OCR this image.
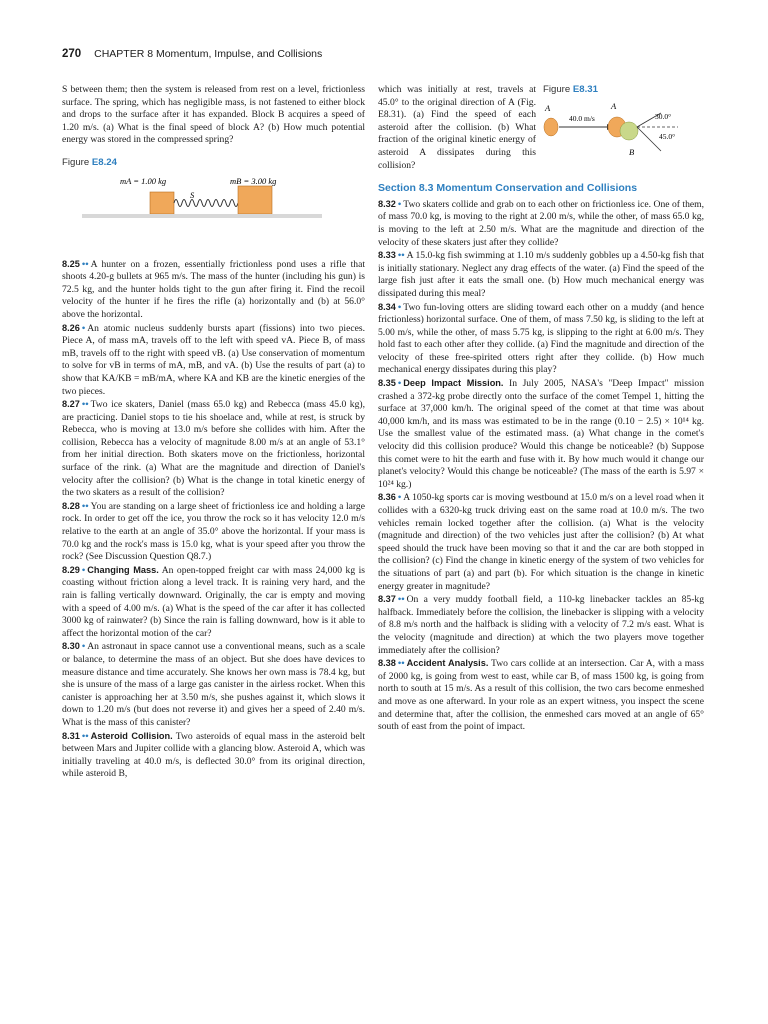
270 CHAPTER 8 Momentum, Impulse, and Collisions

S between them; then the system is released from rest on a level, frictionless surface. The spring, which has negligible mass, is not fastened to either block and drops to the surface after it has expanded. Block B acquires a speed of 1.20 m/s. (a) What is the final speed of block A? (b) How much potential energy was stored in the compressed spring?

Figure E8.24
mA = 1.00 kg	mB = 3.00 kg
S

8.25 •• A hunter on a frozen, essentially frictionless pond uses a rifle that shoots 4.20-g bullets at 965 m/s. The mass of the hunter (including his gun) is 72.5 kg, and the hunter holds tight to the gun after firing it. Find the recoil velocity of the hunter if he fires the rifle (a) horizontally and (b) at 56.0° above the horizontal.

8.26 • An atomic nucleus suddenly bursts apart (fissions) into two pieces. Piece A, of mass mA, travels off to the left with speed vA. Piece B, of mass mB, travels off to the right with speed vB. (a) Use conservation of momentum to solve for vB in terms of mA, mB, and vA. (b) Use the results of part (a) to show that KA/KB = mB/mA, where KA and KB are the kinetic energies of the two pieces.

8.27 •• Two ice skaters, Daniel (mass 65.0 kg) and Rebecca (mass 45.0 kg), are practicing. Daniel stops to tie his shoelace and, while at rest, is struck by Rebecca, who is moving at 13.0 m/s before she collides with him. After the collision, Rebecca has a velocity of magnitude 8.00 m/s at an angle of 53.1° from her initial direction. Both skaters move on the frictionless, horizontal surface of the rink. (a) What are the magnitude and direction of Daniel's velocity after the collision? (b) What is the change in total kinetic energy of the two skaters as a result of the collision?

8.28 •• You are standing on a large sheet of frictionless ice and holding a large rock. In order to get off the ice, you throw the rock so it has velocity 12.0 m/s relative to the earth at an angle of 35.0° above the horizontal. If your mass is 70.0 kg and the rock's mass is 15.0 kg, what is your speed after you throw the rock? (See Discussion Question Q8.7.)

8.29 • Changing Mass. An open-topped freight car with mass 24,000 kg is coasting without friction along a level track. It is raining very hard, and the rain is falling vertically downward. Originally, the car is empty and moving with a speed of 4.00 m/s. (a) What is the speed of the car after it has collected 3000 kg of rainwater? (b) Since the rain is falling downward, how is it able to affect the horizontal motion of the car?

8.30 • An astronaut in space cannot use a conventional means, such as a scale or balance, to determine the mass of an object. But she does have devices to measure distance and time accurately. She knows her own mass is 78.4 kg, but she is unsure of the mass of a large gas canister in the airless rocket. When this canister is approaching her at 3.50 m/s, she pushes against it, which slows it down to 1.20 m/s (but does not reverse it) and gives her a speed of 2.40 m/s. What is the mass of this canister?

8.31 •• Asteroid Collision. Two asteroids of equal mass in the asteroid belt between Mars and Jupiter collide with a glancing blow. Asteroid A, which was initially traveling at 40.0 m/s, is deflected 30.0° from its original direction, while asteroid B,

which was initially at rest, travels at 45.0° to the original direction of A (Fig. E8.31). (a) Find the speed of each asteroid after the collision. (b) What fraction of the original kinetic energy of asteroid A dissipates during this collision?

Section 8.3 Momentum Conservation and Collisions

8.32 • Two skaters collide and grab on to each other on frictionless ice. One of them, of mass 70.0 kg, is moving to the right at 2.00 m/s, while the other, of mass 65.0 kg, is moving to the left at 2.50 m/s. What are the magnitude and direction of the velocity of these skaters just after they collide?

8.33 •• A 15.0-kg fish swimming at 1.10 m/s suddenly gobbles up a 4.50-kg fish that is initially stationary. Neglect any drag effects of the water. (a) Find the speed of the large fish just after it eats the small one. (b) How much mechanical energy was dissipated during this meal?

8.34 • Two fun-loving otters are sliding toward each other on a muddy (and hence frictionless) horizontal surface. One of them, of mass 7.50 kg, is sliding to the left at 5.00 m/s, while the other, of mass 5.75 kg, is slipping to the right at 6.00 m/s. They hold fast to each other after they collide. (a) Find the magnitude and direction of the velocity of these free-spirited otters right after they collide. (b) How much mechanical energy dissipates during this play?

8.35 • Deep Impact Mission. In July 2005, NASA's "Deep Impact" mission crashed a 372-kg probe directly onto the surface of the comet Tempel 1, hitting the surface at 37,000 km/h. The original speed of the comet at that time was about 40,000 km/h, and its mass was estimated to be in the range (0.10 − 2.5) × 10¹⁴ kg. Use the smallest value of the estimated mass. (a) What change in the comet's velocity did this collision produce? Would this change be noticeable? (b) Suppose this comet were to hit the earth and fuse with it. By how much would it change our planet's velocity? Would this change be noticeable? (The mass of the earth is 5.97 × 10²⁴ kg.)

8.36 • A 1050-kg sports car is moving westbound at 15.0 m/s on a level road when it collides with a 6320-kg truck driving east on the same road at 10.0 m/s. The two vehicles remain locked together after the collision. (a) What is the velocity (magnitude and direction) of the two vehicles just after the collision? (b) At what speed should the truck have been moving so that it and the car are both stopped in the collision? (c) Find the change in kinetic energy of the system of two vehicles for the situations of part (a) and part (b). For which situation is the change in kinetic energy greater in magnitude?

8.37 •• On a very muddy football field, a 110-kg linebacker tackles an 85-kg halfback. Immediately before the collision, the linebacker is slipping with a velocity of 8.8 m/s north and the halfback is sliding with a velocity of 7.2 m/s east. What is the velocity (magnitude and direction) at which the two players move together immediately after the collision?

8.38 •• Accident Analysis. Two cars collide at an intersection. Car A, with a mass of 2000 kg, is going from west to east, while car B, of mass 1500 kg, is going from north to south at 15 m/s. As a result of this collision, the two cars become enmeshed and move as one afterward. In your role as an expert witness, you inspect the scene and determine that, after the collision, the enmeshed cars moved at an angle of 65° south of east from the point of impact.

Figure E8.31
A
40.0 m/s
A
30.0°
45.0°
B
